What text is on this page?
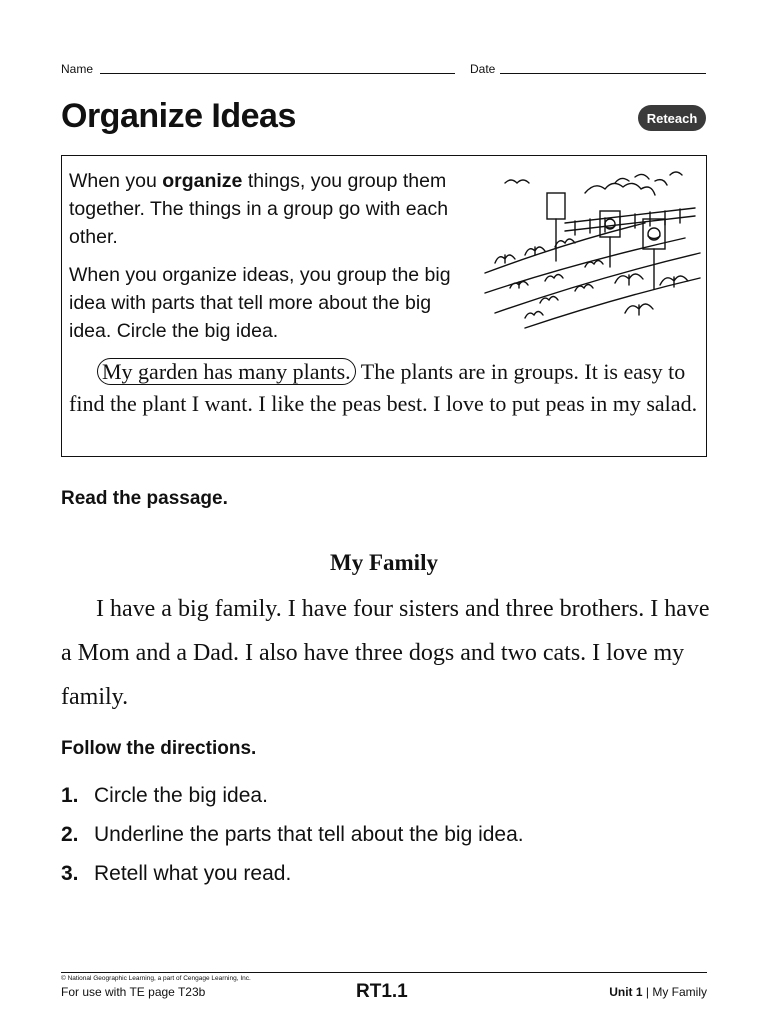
Name	Date
Organize Ideas	Reteach
When you organize things, you group them together. The things in a group go with each other.
When you organize ideas, you group the big idea with parts that tell more about the big idea. Circle the big idea.
My garden has many plants. The plants are in groups. It is easy to find the plant I want. I like the peas best. I love to put peas in my salad.
Read the passage.
My Family
I have a big family. I have four sisters and three brothers. I have a Mom and a Dad. I also have three dogs and two cats. I love my family.
Follow the directions.
1. Circle the big idea.
2. Underline the parts that tell about the big idea.
3. Retell what you read.
© National Geographic Learning, a part of Cengage Learning, Inc.
For use with TE page T23b	RT1.1	Unit 1 | My Family
